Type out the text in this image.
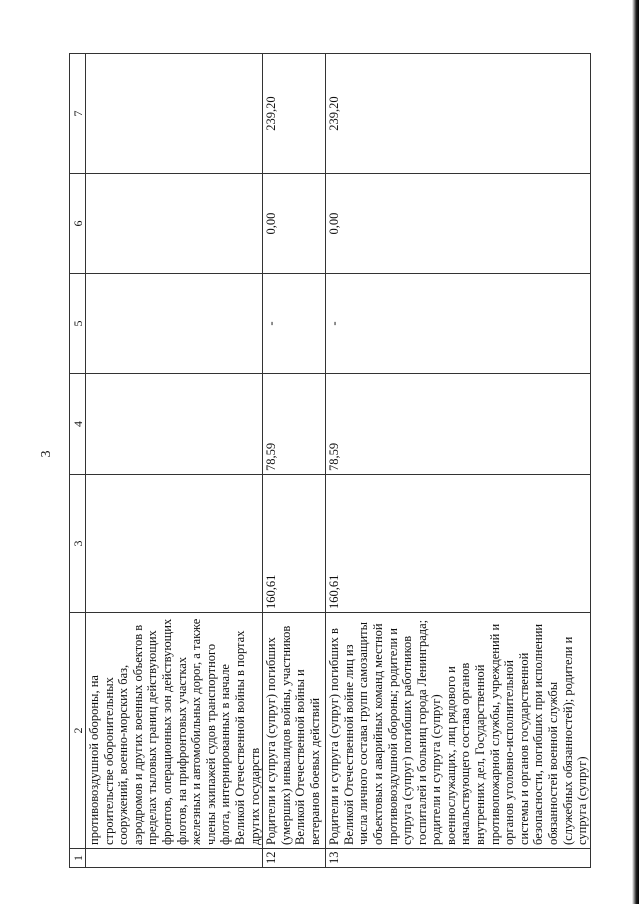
3
1	2	3	4	5	6	7
	противовоздушной обороны, на строительстве оборонительных сооружений, военно-морских баз, аэродромов и других военных объектов в пределах тыловых границ действующих фронтов, операционных зон действующих флотов, на прифронтовых участках железных и автомобильных дорог, а также члены экипажей судов транспортного флота, интернированных в начале Великой Отечественной войны в портах других государств					
12	Родители и супруга (супруг) погибших (умерших) инвалидов войны, участников Великой Отечественной войны и ветеранов боевых действий	160,61	78,59	-	0,00	239,20
13	Родители и супруга (супруг) погибших в Великой Отечественной войне лиц из числа личного состава групп самозащиты объектовых и аварийных команд местной противовоздушной обороны; родители и супруга (супруг) погибших работников госпиталей и больниц города Ленинграда; родители и супруга (супруг) военнослужащих, лиц рядового и начальствующего состава органов внутренних дел, Государственной противопожарной службы, учреждений и органов уголовно-исполнительной системы и органов государственной безопасности, погибших при исполнении обязанностей военной службы (служебных обязанностей); родители и супруга (супруг)	160,61	78,59	-	0,00	239,20
